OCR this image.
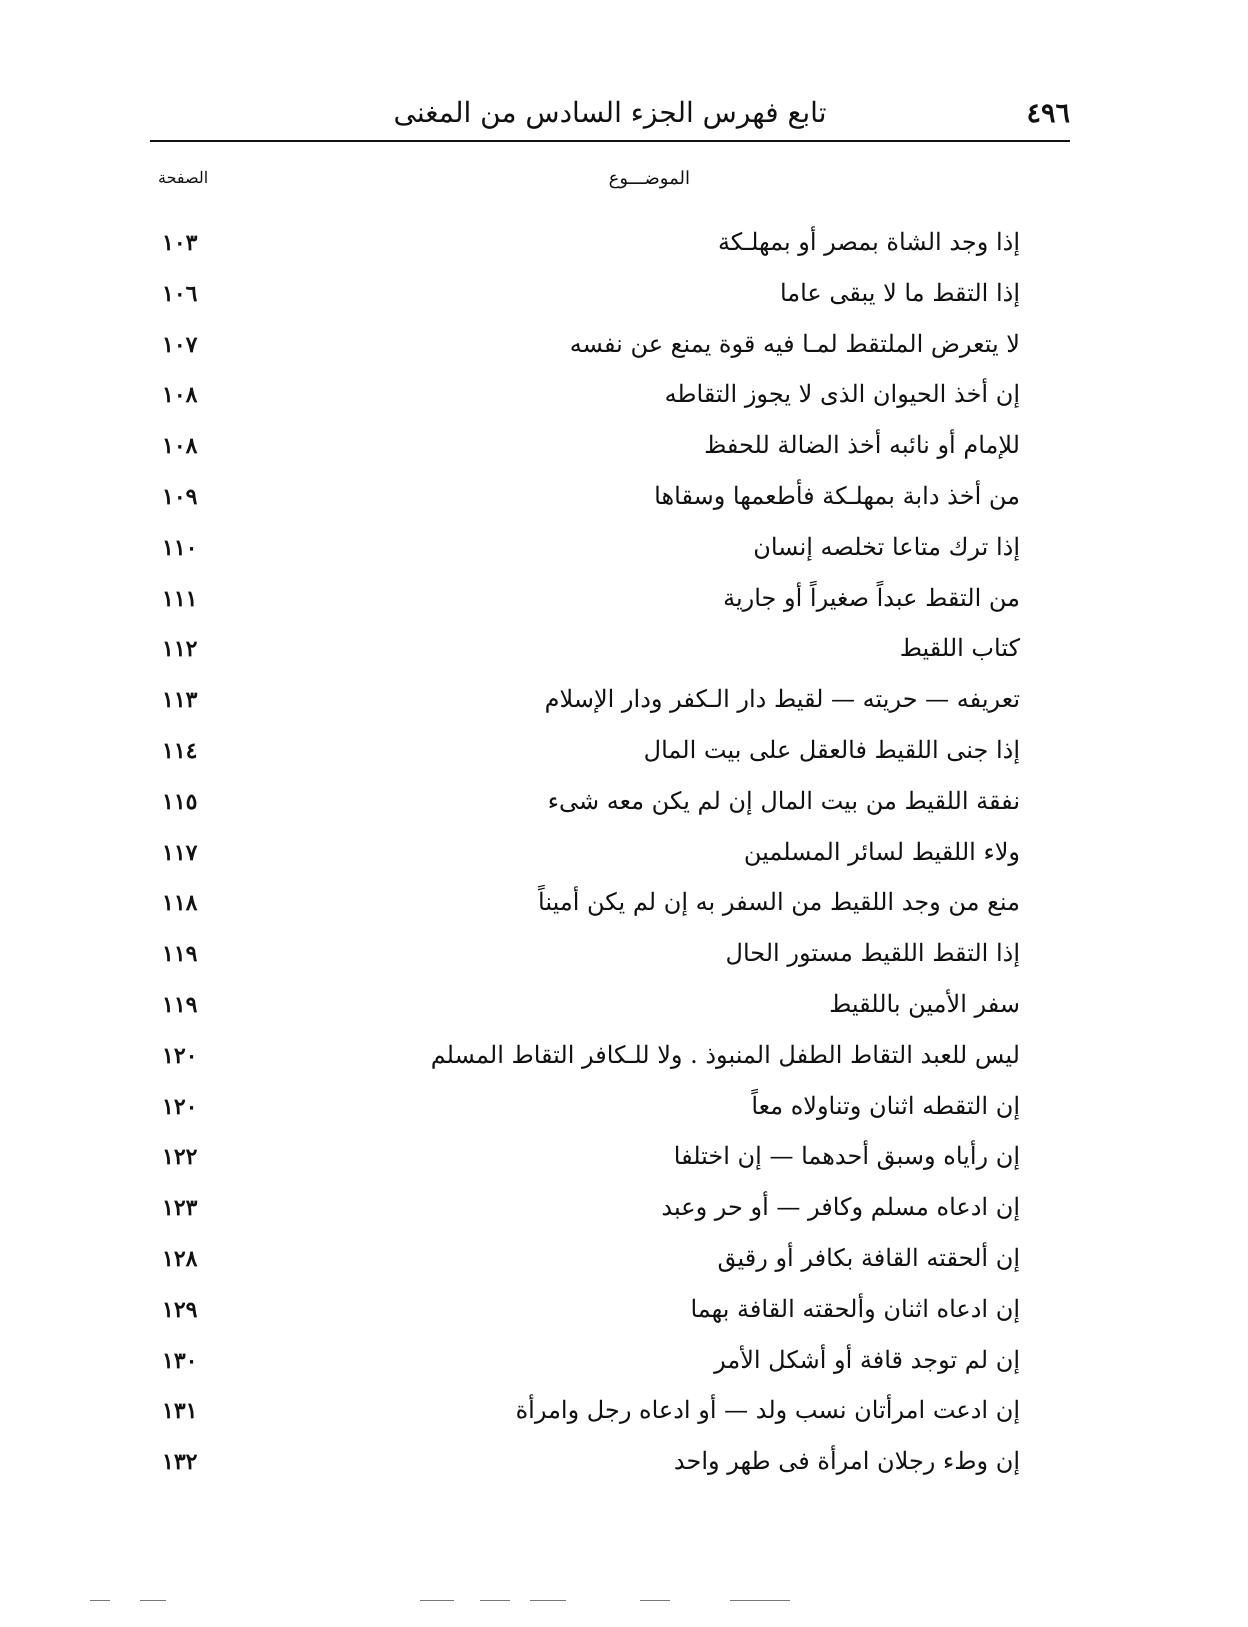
٤٩٦
تابع فهرس الجزء السادس من المغنى
الموضـــوع
الصفحة
إذا وجد الشاة بمصر أو بمهلـكة
١٠٣
إذا التقط ما لا يبقى عاما
١٠٦
لا يتعرض الملتقط لمـا فيه قوة يمنع عن نفسه
١٠٧
إن أخذ الحيوان الذى لا يجوز التقاطه
١٠٨
للإمام أو نائبه أخذ الضالة للحفظ
١٠٨
من أخذ دابة بمهلـكة فأطعمها وسقاها
١٠٩
إذا ترك متاعا تخلصه إنسان
١١٠
من التقط عبداً صغيراً أو جارية
١١١
كتاب اللقيط
١١٢
تعريفه — حريته — لقيط دار الـكفر ودار الإسلام
١١٣
إذا جنى اللقيط فالعقل على بيت المال
١١٤
نفقة اللقيط من بيت المال إن لم يكن معه شىء
١١٥
ولاء اللقيط لسائر المسلمين
١١٧
منع من وجد اللقيط من السفر به إن لم يكن أميناً
١١٨
إذا التقط اللقيط مستور الحال
١١٩
سفر الأمين باللقيط
١١٩
ليس للعبد التقاط الطفل المنبوذ . ولا للـكافر التقاط المسلم
١٢٠
إن التقطه اثنان وتناولاه معاً
١٢٠
إن رأياه وسبق أحدهما — إن اختلفا
١٢٢
إن ادعاه مسلم وكافر — أو حر وعبد
١٢٣
إن ألحقته القافة بكافر أو رقيق
١٢٨
إن ادعاه اثنان وألحقته القافة بهما
١٢٩
إن لم توجد قافة أو أشكل الأمر
١٣٠
إن ادعت امرأتان نسب ولد — أو ادعاه رجل وامرأة
١٣١
إن وطء رجلان امرأة فى طهر واحد
١٣٢
